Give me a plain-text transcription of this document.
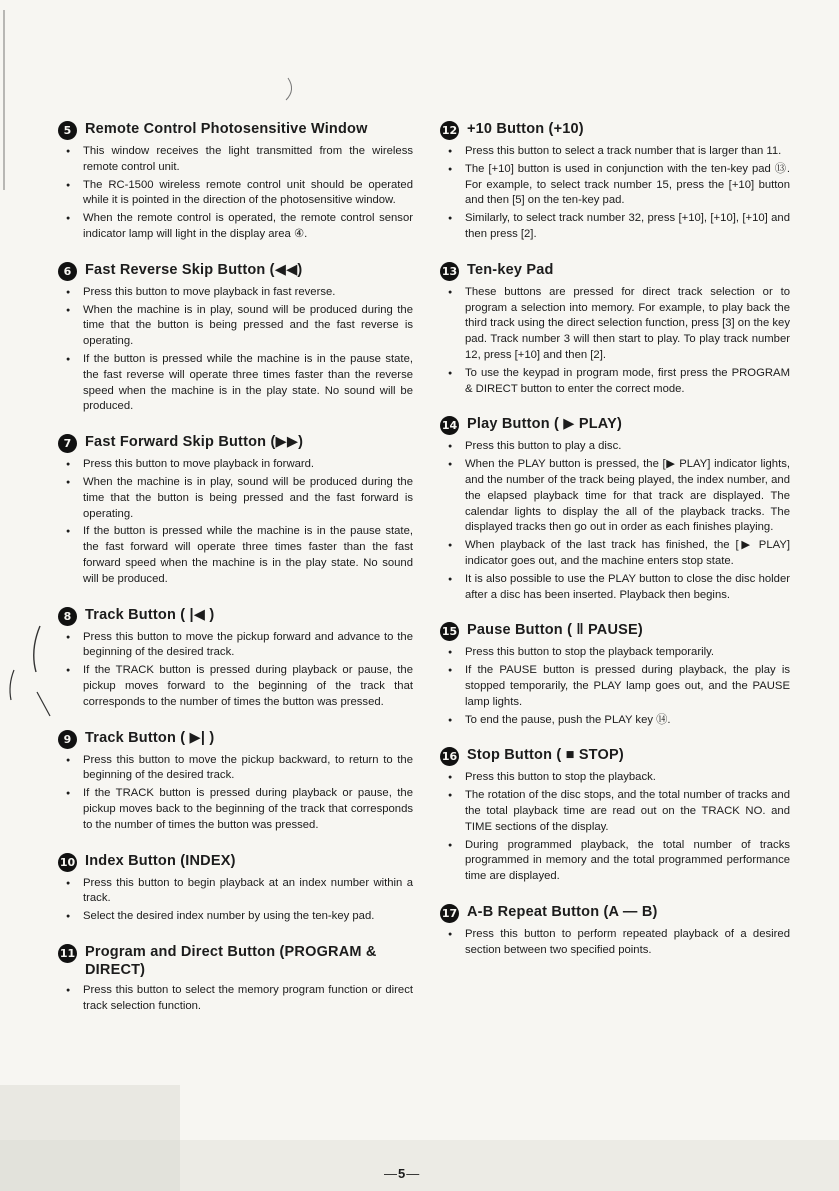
5 Remote Control Photosensitive Window
● This window receives the light transmitted from the wireless remote control unit.
● The RC-1500 wireless remote control unit should be operated while it is pointed in the direction of the photosensitive window.
● When the remote control is operated, the remote control sensor indicator lamp will light in the display area ④.
6 Fast Reverse Skip Button (◀◀)
● Press this button to move playback in fast reverse.
● When the machine is in play, sound will be produced during the time that the button is being pressed and the fast reverse is operating.
● If the button is pressed while the machine is in the pause state, the fast reverse will operate three times faster than the reverse speed when the machine is in the play state. No sound will be produced.
7 Fast Forward Skip Button (▶▶)
● Press this button to move playback in forward.
● When the machine is in play, sound will be produced during the time that the button is being pressed and the fast forward is operating.
● If the button is pressed while the machine is in the pause state, the fast forward will operate three times faster than the fast forward speed when the machine is in the play state. No sound will be produced.
8 Track Button ( |◀ )
● Press this button to move the pickup forward and advance to the beginning of the desired track.
● If the TRACK button is pressed during playback or pause, the pickup moves forward to the beginning of the track that corresponds to the number of times the button was pressed.
9 Track Button ( ▶| )
● Press this button to move the pickup backward, to return to the beginning of the desired track.
● If the TRACK button is pressed during playback or pause, the pickup moves back to the beginning of the track that corresponds to the number of times the button was pressed.
10 Index Button (INDEX)
● Press this button to begin playback at an index number within a track.
● Select the desired index number by using the ten-key pad.
11 Program and Direct Button (PROGRAM & DIRECT)
● Press this button to select the memory program function or direct track selection function.
12 +10 Button (+10)
● Press this button to select a track number that is larger than 11.
● The [+10] button is used in conjunction with the ten-key pad ⑬. For example, to select track number 15, press the [+10] button and then [5] on the ten-key pad.
● Similarly, to select track number 32, press [+10], [+10], [+10] and then press [2].
13 Ten-key Pad
● These buttons are pressed for direct track selection or to program a selection into memory. For example, to play back the third track using the direct selection function, press [3] on the key pad. Track number 3 will then start to play. To play track number 12, press [+10] and then [2].
● To use the keypad in program mode, first press the PROGRAM & DIRECT button to enter the correct mode.
14 Play Button ( ▶ PLAY)
● Press this button to play a disc.
● When the PLAY button is pressed, the [▶ PLAY] indicator lights, and the number of the track being played, the index number, and the elapsed playback time for that track are displayed. The calendar lights to display the all of the playback tracks. The displayed tracks then go out in order as each finishes playing.
● When playback of the last track has finished, the [▶ PLAY] indicator goes out, and the machine enters stop state.
● It is also possible to use the PLAY button to close the disc holder after a disc has been inserted. Playback then begins.
15 Pause Button ( ‖ PAUSE)
● Press this button to stop the playback temporarily.
● If the PAUSE button is pressed during playback, the play is stopped temporarily, the PLAY lamp goes out, and the PAUSE lamp lights.
● To end the pause, push the PLAY key ⑭.
16 Stop Button ( ■ STOP)
● Press this button to stop the playback.
● The rotation of the disc stops, and the total number of tracks and the total playback time are read out on the TRACK NO. and TIME sections of the display.
● During programmed playback, the total number of tracks programmed in memory and the total programmed performance time are displayed.
17 A-B Repeat Button (A — B)
● Press this button to perform repeated playback of a desired section between two specified points.
— 5 —
